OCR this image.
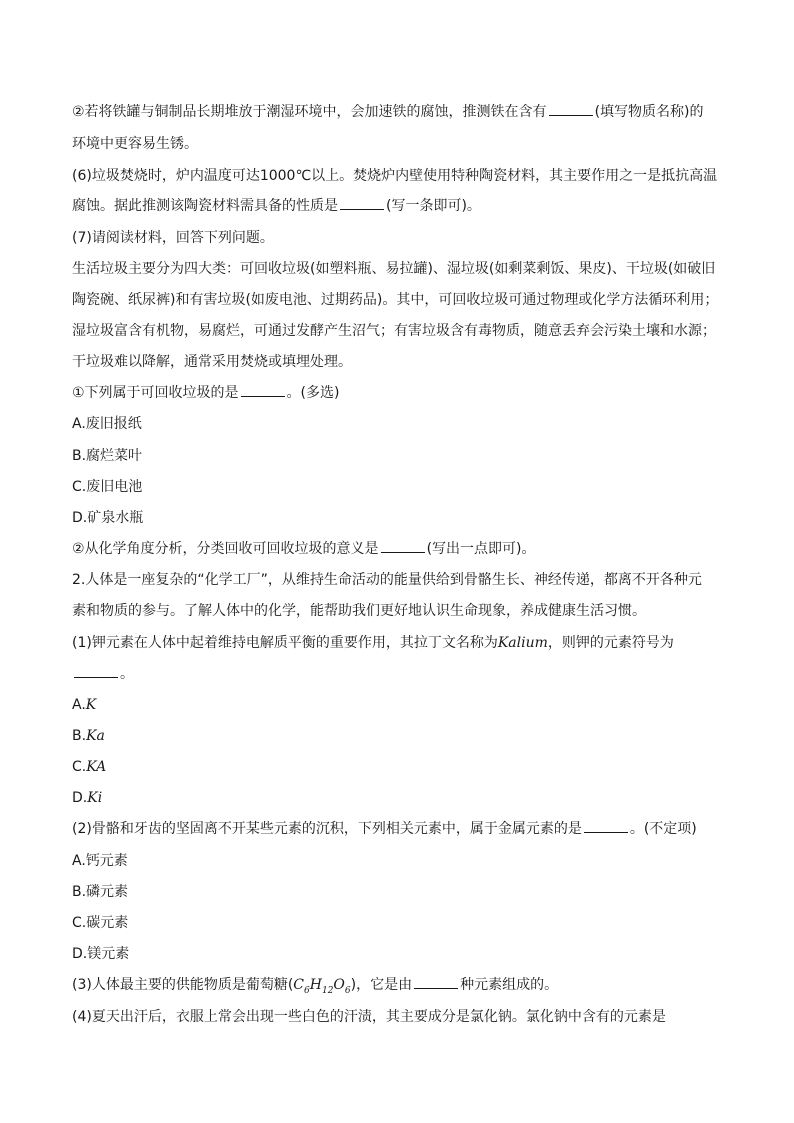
②若将铁罐与铜制品长期堆放于潮湿环境中，会加速铁的腐蚀，推测铁在含有	(填写物质名称)的
环境中更容易生锈。
(6)垃圾焚烧时，炉内温度可达1000℃以上。焚烧炉内壁使用特种陶瓷材料，其主要作用之一是抵抗高温
腐蚀。据此推测该陶瓷材料需具备的性质是	(写一条即可)。
(7)请阅读材料，回答下列问题。
生活垃圾主要分为四大类：可回收垃圾(如塑料瓶、易拉罐)、湿垃圾(如剩菜剩饭、果皮)、干垃圾(如破旧
陶瓷碗、纸尿裤)和有害垃圾(如废电池、过期药品)。其中，可回收垃圾可通过物理或化学方法循环利用；
湿垃圾富含有机物，易腐烂，可通过发酵产生沼气；有害垃圾含有毒物质，随意丢弃会污染土壤和水源；
干垃圾难以降解，通常采用焚烧或填埋处理。
①下列属于可回收垃圾的是	。(多选)
A.废旧报纸
B.腐烂菜叶
C.废旧电池
D.矿泉水瓶
②从化学角度分析，分类回收可回收垃圾的意义是	(写出一点即可)。
2.人体是一座复杂的“化学工厂”，从维持生命活动的能量供给到骨骼生长、神经传递，都离不开各种元
素和物质的参与。了解人体中的化学，能帮助我们更好地认识生命现象，养成健康生活习惯。
(1)钾元素在人体中起着维持电解质平衡的重要作用，其拉丁文名称为Kalium，则钾的元素符号为
。
A.K
B.Ka
C.KA
D.Ki
(2)骨骼和牙齿的坚固离不开某些元素的沉积，下列相关元素中，属于金属元素的是	。(不定项)
A.钙元素
B.磷元素
C.碳元素
D.镁元素
(3)人体最主要的供能物质是葡萄糖$(C_6H_{12}O_6)$，它是由	种元素组成的。
(4)夏天出汗后，衣服上常会出现一些白色的汗渍，其主要成分是氯化钠。氯化钠中含有的元素是
